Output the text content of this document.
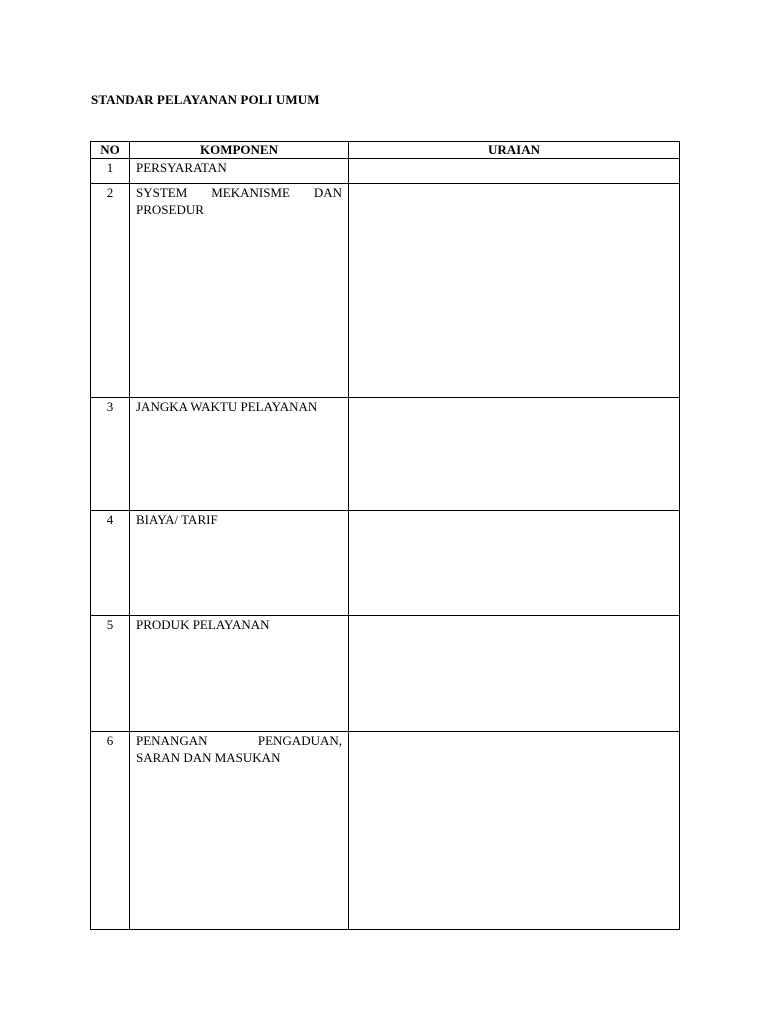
STANDAR PELAYANAN POLI UMUM
NO	KOMPONEN	URAIAN
1	PERSYARATAN	
2	SYSTEM MEKANISME DAN PROSEDUR	
3	JANGKA WAKTU PELAYANAN	
4	BIAYA/ TARIF	
5	PRODUK PELAYANAN	
6	PENANGAN PENGADUAN, SARAN DAN MASUKAN	
